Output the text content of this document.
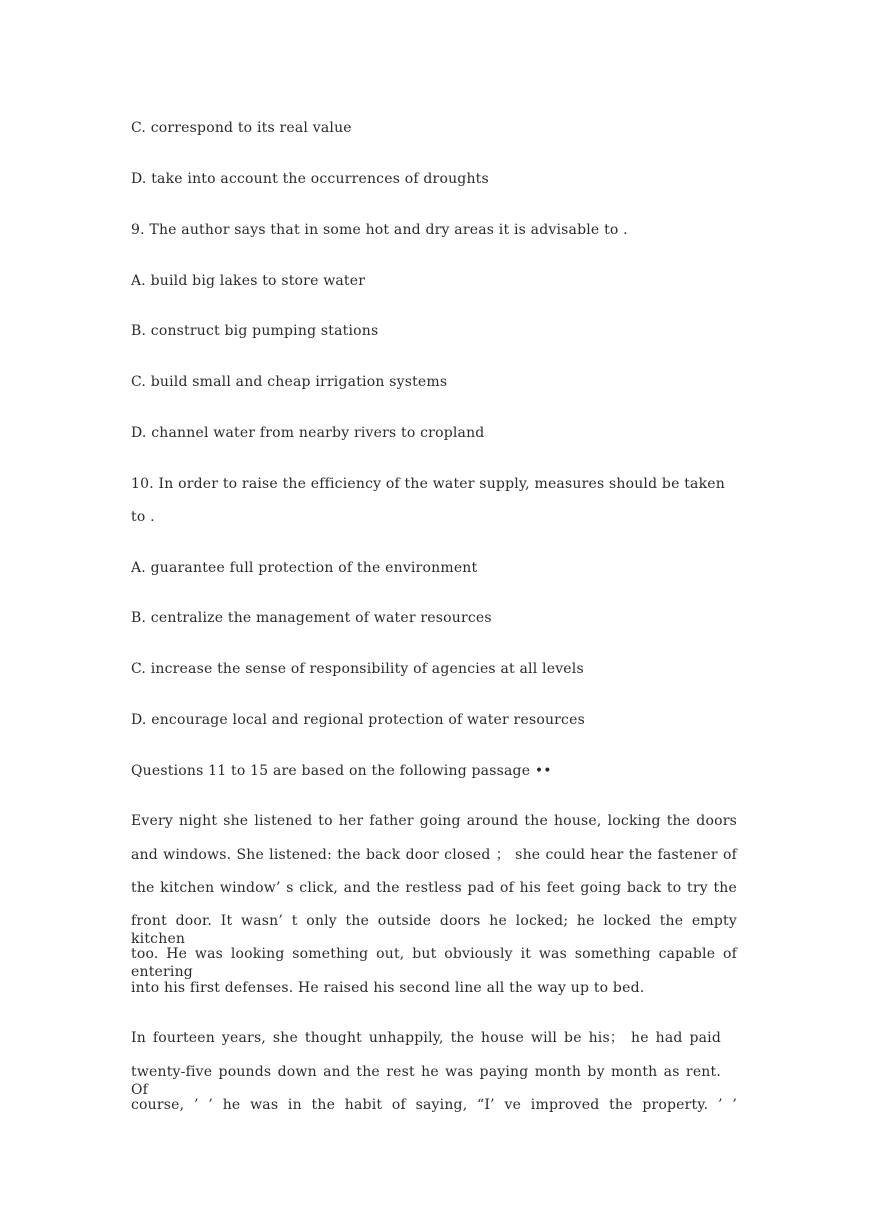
C. correspond to its real value
D. take into account the occurrences of droughts
9. The author says that in some hot and dry areas it is advisable to .
A. build big lakes to store water
B. construct big pumping stations
C. build small and cheap irrigation systems
D. channel water from nearby rivers to cropland
10. In order to raise the efficiency of the water supply, measures should be taken
to .
A. guarantee full protection of the environment
B. centralize the management of water resources
C. increase the sense of responsibility of agencies at all levels
D. encourage local and regional protection of water resources
Questions 11 to 15 are based on the following passage ••
Every night she listened to her father going around the house, locking the doors
and windows. She listened: the back door closed ； she could hear the fastener of
the kitchen window’ s click, and the restless pad of his feet going back to try the
front door. It wasn’ t only the outside doors he locked; he locked the empty kitchen
too. He was looking something out, but obviously it was something capable of entering
into his first defenses. He raised his second line all the way up to bed.
In fourteen years, she thought unhappily, the house will be his； he had paid
twenty-five pounds down and the rest he was paying month by month as rent. Of
course, ’ ’ he was in the habit of saying, “I’ ve improved the property. ’ ’
